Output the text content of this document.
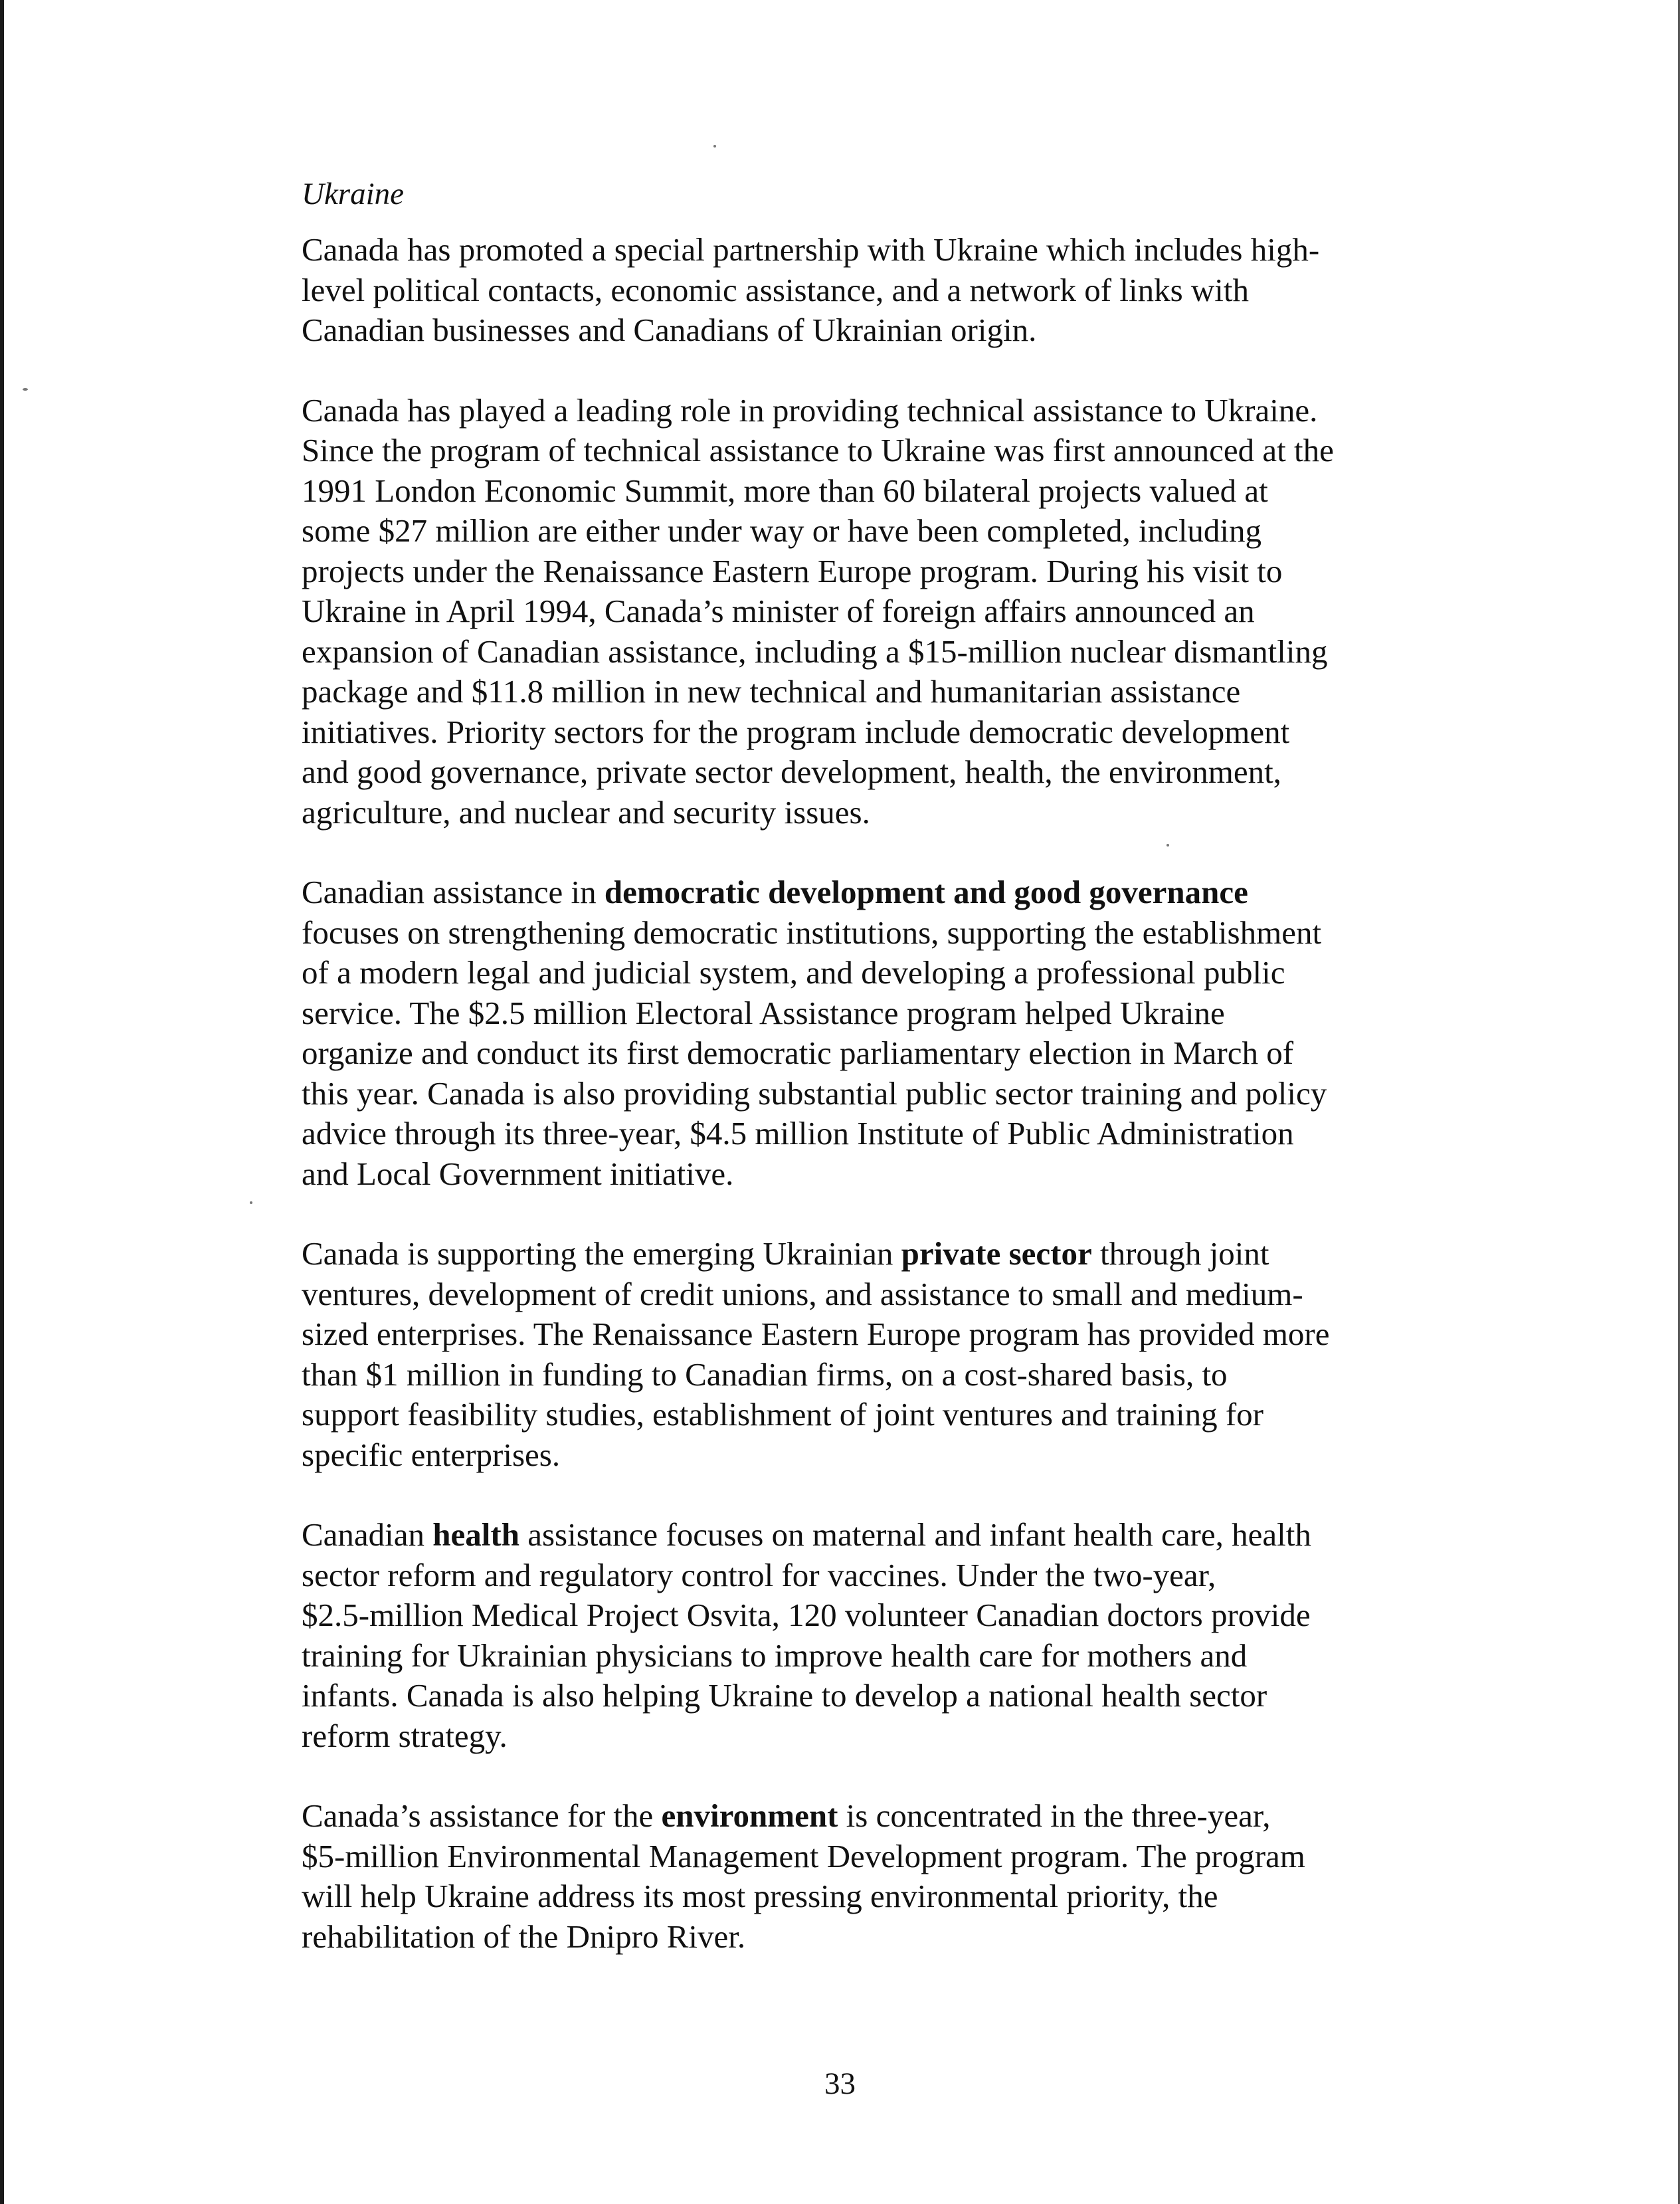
Ukraine
Canada has promoted a special partnership with Ukraine which includes high-
level political contacts, economic assistance, and a network of links with
Canadian businesses and Canadians of Ukrainian origin.
Canada has played a leading role in providing technical assistance to Ukraine.
Since the program of technical assistance to Ukraine was first announced at the
1991 London Economic Summit, more than 60 bilateral projects valued at
some $27 million are either under way or have been completed, including
projects under the Renaissance Eastern Europe program. During his visit to
Ukraine in April 1994, Canada’s minister of foreign affairs announced an
expansion of Canadian assistance, including a $15-million nuclear dismantling
package and $11.8 million in new technical and humanitarian assistance
initiatives. Priority sectors for the program include democratic development
and good governance, private sector development, health, the environment,
agriculture, and nuclear and security issues.
Canadian assistance in democratic development and good governance
focuses on strengthening democratic institutions, supporting the establishment
of a modern legal and judicial system, and developing a professional public
service. The $2.5 million Electoral Assistance program helped Ukraine
organize and conduct its first democratic parliamentary election in March of
this year. Canada is also providing substantial public sector training and policy
advice through its three-year, $4.5 million Institute of Public Administration
and Local Government initiative.
Canada is supporting the emerging Ukrainian private sector through joint
ventures, development of credit unions, and assistance to small and medium-
sized enterprises. The Renaissance Eastern Europe program has provided more
than $1 million in funding to Canadian firms, on a cost-shared basis, to
support feasibility studies, establishment of joint ventures and training for
specific enterprises.
Canadian health assistance focuses on maternal and infant health care, health
sector reform and regulatory control for vaccines. Under the two-year,
$2.5-million Medical Project Osvita, 120 volunteer Canadian doctors provide
training for Ukrainian physicians to improve health care for mothers and
infants. Canada is also helping Ukraine to develop a national health sector
reform strategy.
Canada’s assistance for the environment is concentrated in the three-year,
$5-million Environmental Management Development program. The program
will help Ukraine address its most pressing environmental priority, the
rehabilitation of the Dnipro River.
33
